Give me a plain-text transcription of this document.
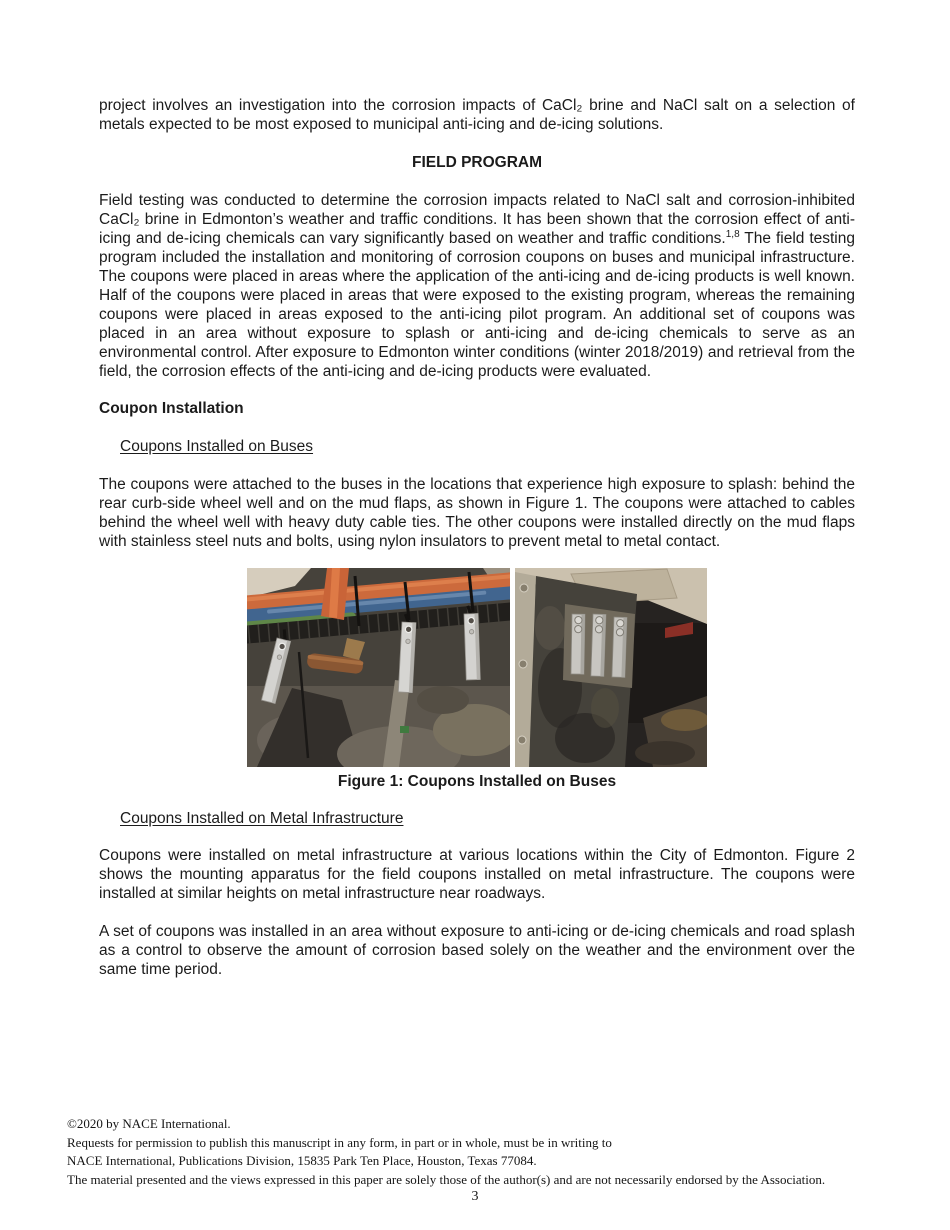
project involves an investigation into the corrosion impacts of CaCl₂ brine and NaCl salt on a selection of metals expected to be most exposed to municipal anti-icing and de-icing solutions.

FIELD PROGRAM

Field testing was conducted to determine the corrosion impacts related to NaCl salt and corrosion-inhibited CaCl₂ brine in Edmonton’s weather and traffic conditions. It has been shown that the corrosion effect of anti-icing and de-icing chemicals can vary significantly based on weather and traffic conditions.$^{1,8}$ The field testing program included the installation and monitoring of corrosion coupons on buses and municipal infrastructure. The coupons were placed in areas where the application of the anti-icing and de-icing products is well known. Half of the coupons were placed in areas that were exposed to the existing program, whereas the remaining coupons were placed in areas exposed to the anti-icing pilot program. An additional set of coupons was placed in an area without exposure to splash or anti-icing and de-icing chemicals to serve as an environmental control. After exposure to Edmonton winter conditions (winter 2018/2019) and retrieval from the field, the corrosion effects of the anti-icing and de-icing products were evaluated.

Coupon Installation

Coupons Installed on Buses

The coupons were attached to the buses in the locations that experience high exposure to splash: behind the rear curb-side wheel well and on the mud flaps, as shown in Figure 1. The coupons were attached to cables behind the wheel well with heavy duty cable ties. The other coupons were installed directly on the mud flaps with stainless steel nuts and bolts, using nylon insulators to prevent metal to metal contact.

Figure 1: Coupons Installed on Buses

Coupons Installed on Metal Infrastructure

Coupons were installed on metal infrastructure at various locations within the City of Edmonton. Figure 2 shows the mounting apparatus for the field coupons installed on metal infrastructure. The coupons were installed at similar heights on metal infrastructure near roadways.

A set of coupons was installed in an area without exposure to anti-icing or de-icing chemicals and road splash as a control to observe the amount of corrosion based solely on the weather and the environment over the same time period.

©2020 by NACE International.
Requests for permission to publish this manuscript in any form, in part or in whole, must be in writing to
NACE International, Publications Division, 15835 Park Ten Place, Houston, Texas 77084.
The material presented and the views expressed in this paper are solely those of the author(s) and are not necessarily endorsed by the Association.
3
